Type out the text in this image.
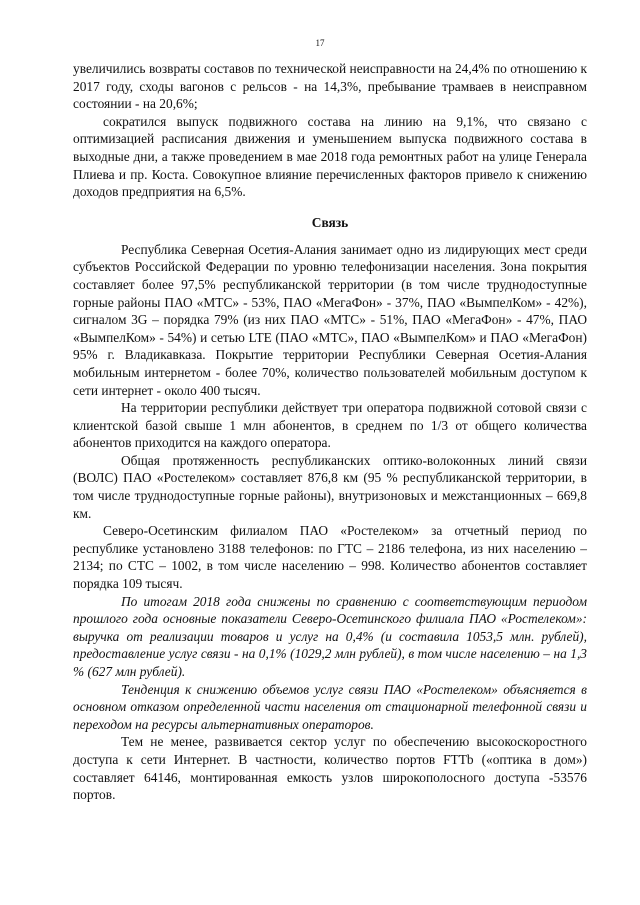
17

увеличились возвраты составов по технической неисправности на 24,4% по отношению к 2017 году, сходы вагонов с рельсов - на 14,3%, пребывание трамваев в неисправном состоянии - на 20,6%;

сократился выпуск подвижного состава на линию на 9,1%, что связано с оптимизацией расписания движения и уменьшением выпуска подвижного состава в выходные дни, а также проведением в мае 2018 года ремонтных работ на улице Генерала Плиева и пр. Коста. Совокупное влияние перечисленных факторов привело к снижению доходов предприятия на 6,5%.

Связь

Республика Северная Осетия-Алания занимает одно из лидирующих мест среди субъектов Российской Федерации по уровню телефонизации населения. Зона покрытия составляет более 97,5% республиканской территории (в том числе труднодоступные горные районы ПАО «МТС» - 53%, ПАО «МегаФон» - 37%, ПАО «ВымпелКом» - 42%), сигналом 3G – порядка 79% (из них ПАО «МТС» - 51%, ПАО «МегаФон» - 47%, ПАО «ВымпелКом» - 54%) и сетью LTE (ПАО «МТС», ПАО «ВымпелКом» и ПАО «МегаФон) 95% г. Владикавказа. Покрытие территории Республики Северная Осетия-Алания мобильным интернетом - более 70%, количество пользователей мобильным доступом к сети интернет - около 400 тысяч.

На территории республики действует три оператора подвижной сотовой связи с клиентской базой свыше 1 млн абонентов, в среднем по 1/3 от общего количества абонентов приходится на каждого оператора.

Общая протяженность республиканских оптико-волоконных линий связи (ВОЛС) ПАО «Ростелеком» составляет 876,8 км (95 % республиканской территории, в том числе труднодоступные горные районы), внутризоновых и межстанционных – 669,8 км.

Северо-Осетинским филиалом ПАО «Ростелеком» за отчетный период по республике установлено 3188 телефонов: по ГТС – 2186 телефона, из них населению – 2134; по СТС – 1002, в том числе населению – 998. Количество абонентов составляет порядка 109 тысяч.

По итогам 2018 года снижены по сравнению с соответствующим периодом прошлого года основные показатели Северо-Осетинского филиала ПАО «Ростелеком»: выручка от реализации товаров и услуг на 0,4% (и составила 1053,5 млн. рублей), предоставление услуг связи - на 0,1% (1029,2 млн рублей), в том числе населению – на 1,3 % (627 млн рублей).

Тенденция к снижению объемов услуг связи ПАО «Ростелеком» объясняется в основном отказом определенной части населения от стационарной телефонной связи и переходом на ресурсы альтернативных операторов.

Тем не менее, развивается сектор услуг по обеспечению высокоскоростного доступа к сети Интернет. В частности, количество портов FTTb («оптика в дом») составляет 64146, монтированная емкость узлов широкополосного доступа -53576 портов.
